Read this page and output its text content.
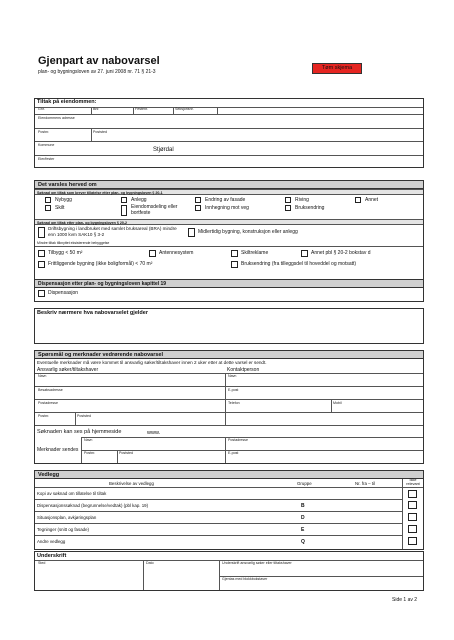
Gjenpart av nabovarsel
plan- og bygningsloven av 27. juni 2008 nr. 71 § 21-3
Tøm skjema
Tiltak på eiendommen:
Gnr.	Bnr.	Festenr.	Seksjonsnr.
Eiendommens adresse
Postnr.	Poststed
Kommune
Stjørdal
Eier/fester
Det varsles herved om
Søknad om tiltak som krever tillatelse etter plan- og bygningsloven § 20-1
Nybygg
Skilt
Anlegg
Eiendomsdeling eller bortfeste
Endring av fasade
Innhegning mot veg
Riving
Bruksendring
Annet
Søknad om tiltak etter plan- og bygningsloven § 20-2
Driftsbygning i landbruket med samlet bruksareal (BRA) mindre enn 1000 kvm SAK10 § 3-2	Midlertidig bygning, konstruksjon eller anlegg
Mindre tiltak tilknyttet eksisterende bebyggelse
Tilbygg < 50 m²
Frittliggende bygning (ikke boligformål) < 70 m²
Antennesystem	Skiltreklame
Bruksendring (fra tilleggsdel til hoveddel og motsatt)
Annet pbl § 20-2 bokstav d
Dispensasjon etter plan- og bygningsloven kapittel 19
Dispensasjon
Beskriv nærmere hva nabovarselet gjelder
Spørsmål og merknader vedrørende nabovarsel
Eventuelle merknader må være kommet til ansvarlig søker/tiltakshaver innen 2 uker etter at dette varsel er sendt.
Ansvarlig søker/tiltakshaver	Kontaktperson
Navn	Navn
Besøksadresse	E-post
Postadresse	Telefon	Mobil
Postnr.	Poststed
Søknaden kan ses på hjemmeside	www.
Merknader sendes
Navn	Postadresse
Postnr.	Poststed	E-post
Vedlegg
Beskrivelse av vedlegg	Gruppe	Nr. fra – til
Ikke relevant
Kopi av søknad om tillatelse til tiltak
Dispensasjonssøknad (begrunnelse/vedtak) (pbl kap. 19)	B
Situasjonsplan, avkjøringsplan	D
Tegninger (snitt og fasade)	E
Andre vedlegg	Q
Underskrift
Sted	Dato	Underskrift ansvarlig søker eller tiltakshaver
Gjentas med blokkbokstaver
Side 1 av 2
